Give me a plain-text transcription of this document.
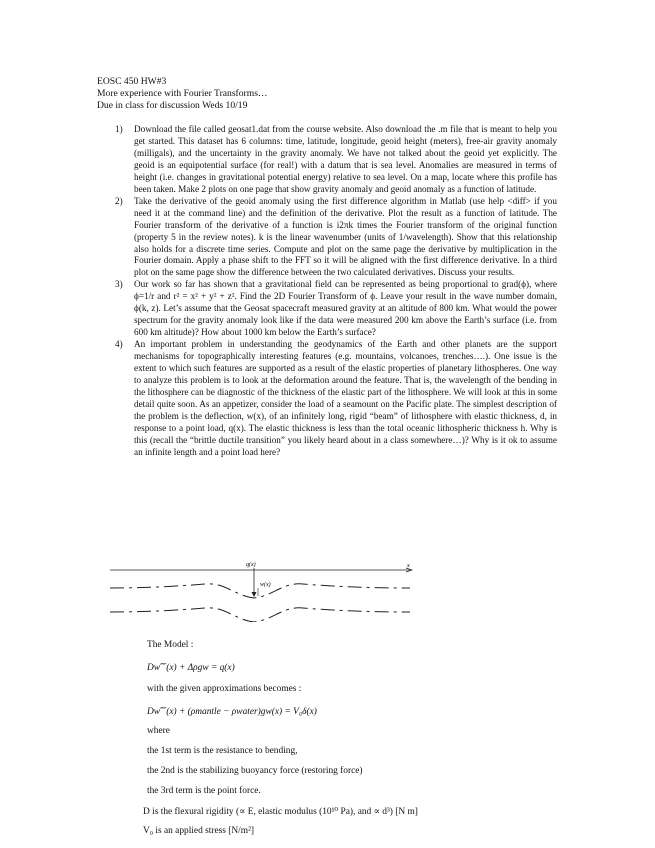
EOSC 450 HW#3
More experience with Fourier Transforms…
Due in class for discussion Weds 10/19
1) Download the file called geosat1.dat from the course website. Also download the .m file that is meant to help you get started. This dataset has 6 columns: time, latitude, longitude, geoid height (meters), free-air gravity anomaly (milligals), and the uncertainty in the gravity anomaly. We have not talked about the geoid yet explicitly. The geoid is an equipotential surface (for real!) with a datum that is sea level. Anomalies are measured in terms of height (i.e. changes in gravitational potential energy) relative to sea level. On a map, locate where this profile has been taken. Make 2 plots on one page that show gravity anomaly and geoid anomaly as a function of latitude.
2) Take the derivative of the geoid anomaly using the first difference algorithm in Matlab (use help <diff> if you need it at the command line) and the definition of the derivative. Plot the result as a function of latitude. The Fourier transform of the derivative of a function is i2πk times the Fourier transform of the original function (property 5 in the review notes). k is the linear wavenumber (units of 1/wavelength). Show that this relationship also holds for a discrete time series. Compute and plot on the same page the derivative by multiplication in the Fourier domain. Apply a phase shift to the FFT so it will be aligned with the first difference derivative. In a third plot on the same page show the difference between the two calculated derivatives. Discuss your results.
3) Our work so far has shown that a gravitational field can be represented as being proportional to grad(ϕ), where ϕ=1/r and r² = x² + y² + z². Find the 2D Fourier Transform of ϕ. Leave your result in the wave number domain, ϕ(k, z). Let’s assume that the Geosat spacecraft measured gravity at an altitude of 800 km. What would the power spectrum for the gravity anomaly look like if the data were measured 200 km above the Earth’s surface (i.e. from 600 km altitude)? How about 1000 km below the Earth’s surface?
4) An important problem in understanding the geodynamics of the Earth and other planets are the support mechanisms for topographically interesting features (e.g. mountains, volcanoes, trenches….). One issue is the extent to which such features are supported as a result of the elastic properties of planetary lithospheres. One way to analyze this problem is to look at the deformation around the feature. That is, the wavelength of the bending in the lithosphere can be diagnostic of the thickness of the elastic part of the lithosphere. We will look at this in some detail quite soon. As an appetizer, consider the load of a seamount on the Pacific plate. The simplest description of the problem is the deflection, w(x), of an infinitely long, rigid “beam” of lithosphere with elastic thickness, d, in response to a point load, q(x). The elastic thickness is less than the total oceanic lithospheric thickness h. Why is this (recall the “brittle ductile transition” you likely heard about in a class somewhere…)? Why is it ok to assume an infinite length and a point load here?
x
q(x)
w(x)
The Model :
Dw⁗(x) + Δρgw = q(x)
with the given approximations becomes :
Dw⁗(x) + (ρmantle − ρwater)gw(x) = V₀δ(x)
where
the 1st term is the resistance to bending,
the 2nd is the stabilizing buoyancy force (restoring force)
the 3rd term is the point force.
D is the flexural rigidity (∝ E, elastic modulus (10¹⁰ Pa), and ∝ d³) [N m]
V₀ is an applied stress [N/m²]
